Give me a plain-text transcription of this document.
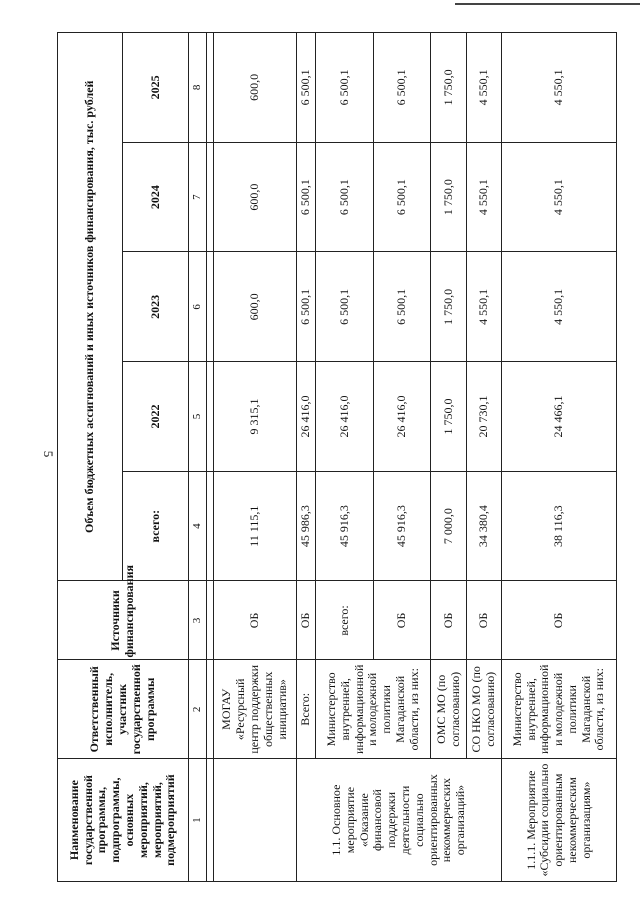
5
Наименование государственной программы, подпрограммы, основных мероприятий, мероприятий, подмероприятий	Ответственный исполнитель, участник государственной программы	Источники финансирования	Объем бюджетных ассигнований и иных источников финансирования, тыс. рублей				
			всего:	2022	2023	2024	2025
1	2	3	4	5	6	7	8

	МОГАУ «Ресурсный центр поддержки общественных инициатив»	ОБ	11 115,1	9 315,1	600,0	600,0	600,0
1.1. Основное мероприятие «Оказание финансовой поддержки деятельности социально ориентированных некоммерческих организаций»	Всего:	ОБ	45 986,3	26 416,0	6 500,1	6 500,1	6 500,1
	Министерство внутренней, информационной и молодежной политики Магаданской области, из них:	всего:	45 916,3	26 416,0	6 500,1	6 500,1	6 500,1
		ОБ	45 916,3	26 416,0	6 500,1	6 500,1	6 500,1
	ОМС МО (по согласованию)	ОБ	7 000,0	1 750,0	1 750,0	1 750,0	1 750,0
	СО НКО МО (по согласованию)	ОБ	34 380,4	20 730,1	4 550,1	4 550,1	4 550,1
1.1.1. Мероприятие «Субсидии социально ориентированным некоммерческим организациям»	Министерство внутренней, информационной и молодежной политики Магаданской области, из них:	ОБ	38 116,3	24 466,1	4 550,1	4 550,1	4 550,1
